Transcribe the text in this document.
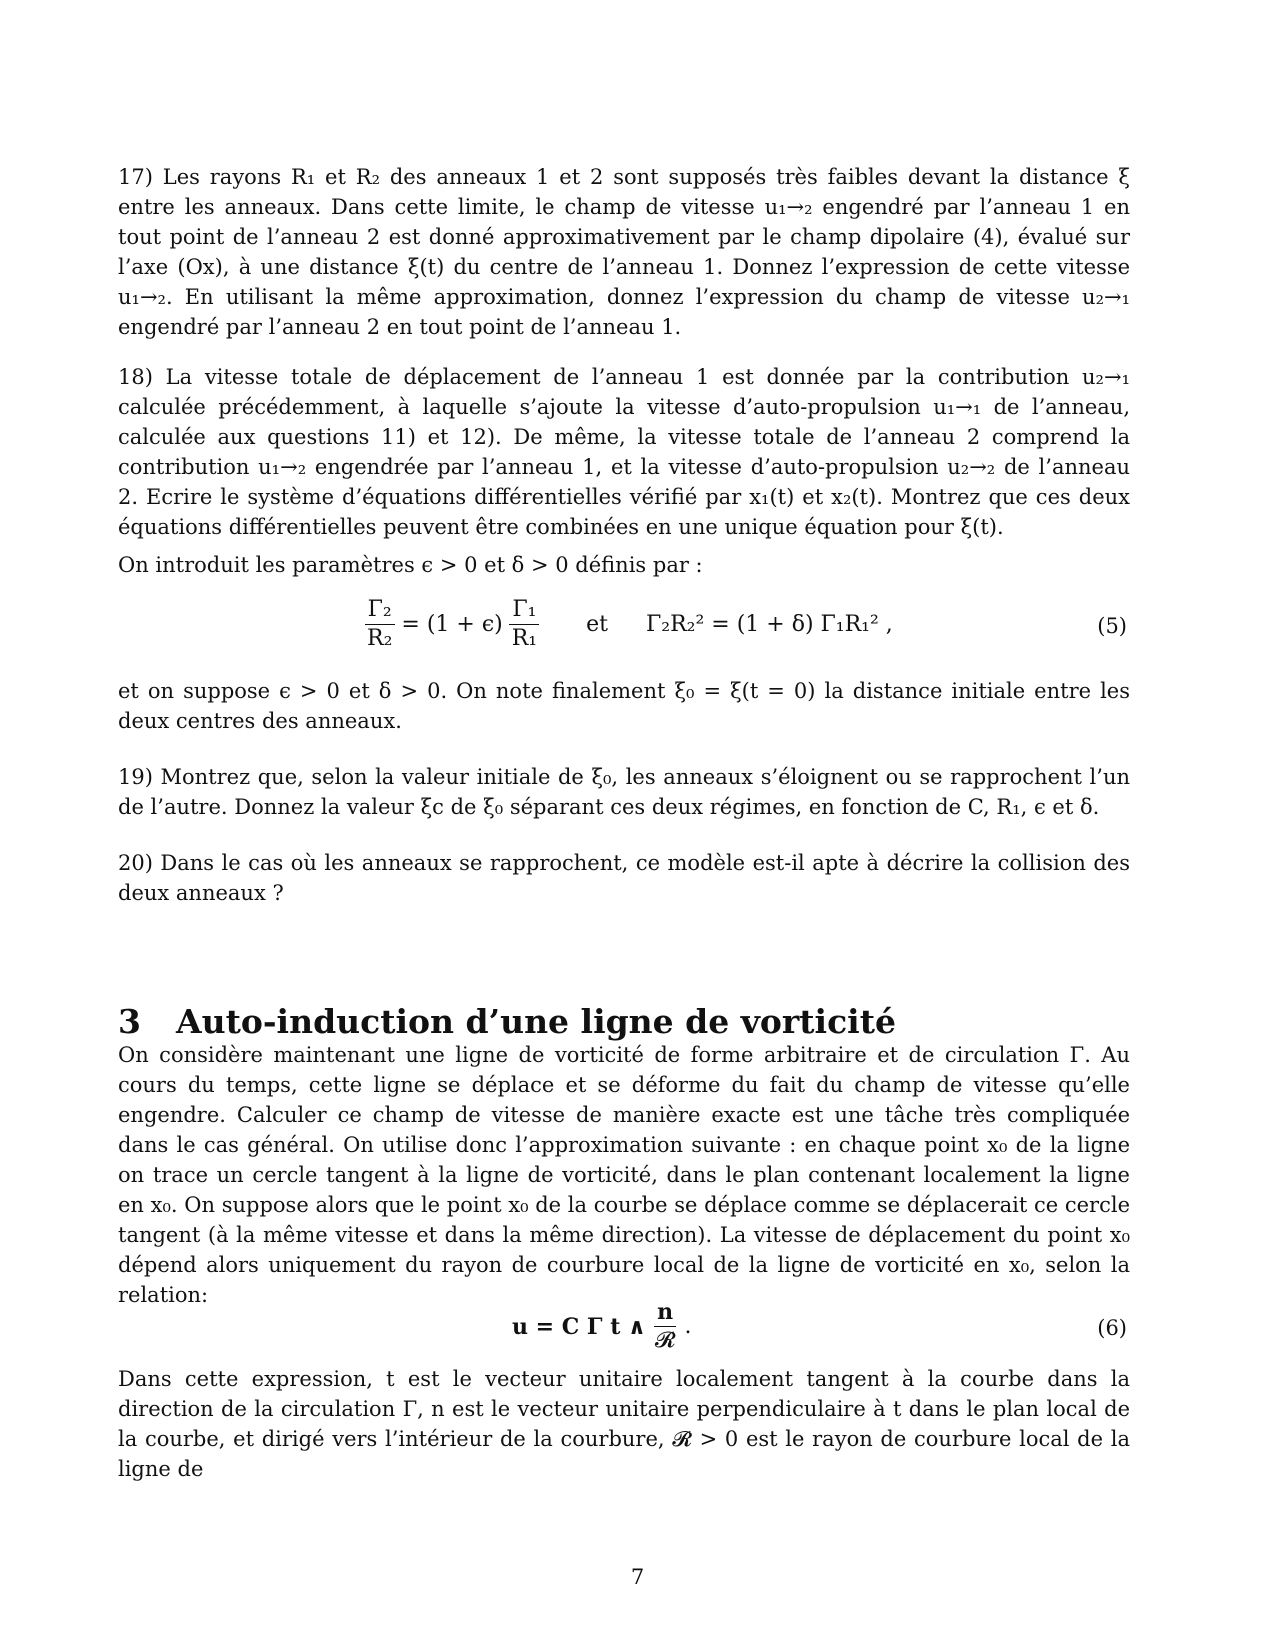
17) Les rayons R₁ et R₂ des anneaux 1 et 2 sont supposés très faibles devant la distance ξ entre les anneaux. Dans cette limite, le champ de vitesse u₁→₂ engendré par l’anneau 1 en tout point de l’anneau 2 est donné approximativement par le champ dipolaire (4), évalué sur l’axe (Ox), à une distance ξ(t) du centre de l’anneau 1. Donnez l’expression de cette vitesse u₁→₂. En utilisant la même approximation, donnez l’expression du champ de vitesse u₂→₁ engendré par l’anneau 2 en tout point de l’anneau 1.

18) La vitesse totale de déplacement de l’anneau 1 est donnée par la contribution u₂→₁ calculée précédemment, à laquelle s’ajoute la vitesse d’auto-propulsion u₁→₁ de l’anneau, calculée aux questions 11) et 12). De même, la vitesse totale de l’anneau 2 comprend la contribution u₁→₂ engendrée par l’anneau 1, et la vitesse d’auto-propulsion u₂→₂ de l’anneau 2. Ecrire le système d’équations différentielles vérifié par x₁(t) et x₂(t). Montrez que ces deux équations différentielles peuvent être combinées en une unique équation pour ξ(t).

On introduit les paramètres ϵ > 0 et δ > 0 définis par :

$\frac{\text{Γ₂}}{\text{R₂}} = (1 + \epsilon) \frac{\text{Γ₁}}{\text{R₁}}$ et Γ₂R₂² = (1 + δ) Γ₁R₁² ,	(5)

et on suppose ϵ > 0 et δ > 0. On note finalement ξ₀ = ξ(t = 0) la distance initiale entre les deux centres des anneaux.

19) Montrez que, selon la valeur initiale de ξ₀, les anneaux s’éloignent ou se rapprochent l’un de l’autre. Donnez la valeur ξc de ξ₀ séparant ces deux régimes, en fonction de C, R₁, ϵ et δ.

20) Dans le cas où les anneaux se rapprochent, ce modèle est-il apte à décrire la collision des deux anneaux ?

3 Auto-induction d’une ligne de vorticité

On considère maintenant une ligne de vorticité de forme arbitraire et de circulation Γ. Au cours du temps, cette ligne se déplace et se déforme du fait du champ de vitesse qu’elle engendre. Calculer ce champ de vitesse de manière exacte est une tâche très compliquée dans le cas général. On utilise donc l’approximation suivante : en chaque point x₀ de la ligne on trace un cercle tangent à la ligne de vorticité, dans le plan contenant localement la ligne en x₀. On suppose alors que le point x₀ de la courbe se déplace comme se déplacerait ce cercle tangent (à la même vitesse et dans la même direction). La vitesse de déplacement du point x₀ dépend alors uniquement du rayon de courbure local de la ligne de vorticité en x₀, selon la relation:

u = C Γ t ∧ $\frac{n}{\text{𝓡}}$ .	(6)

Dans cette expression, t est le vecteur unitaire localement tangent à la courbe dans la direction de la circulation Γ, n est le vecteur unitaire perpendiculaire à t dans le plan local de la courbe, et dirigé vers l’intérieur de la courbure, 𝓡 > 0 est le rayon de courbure local de la ligne de

7
